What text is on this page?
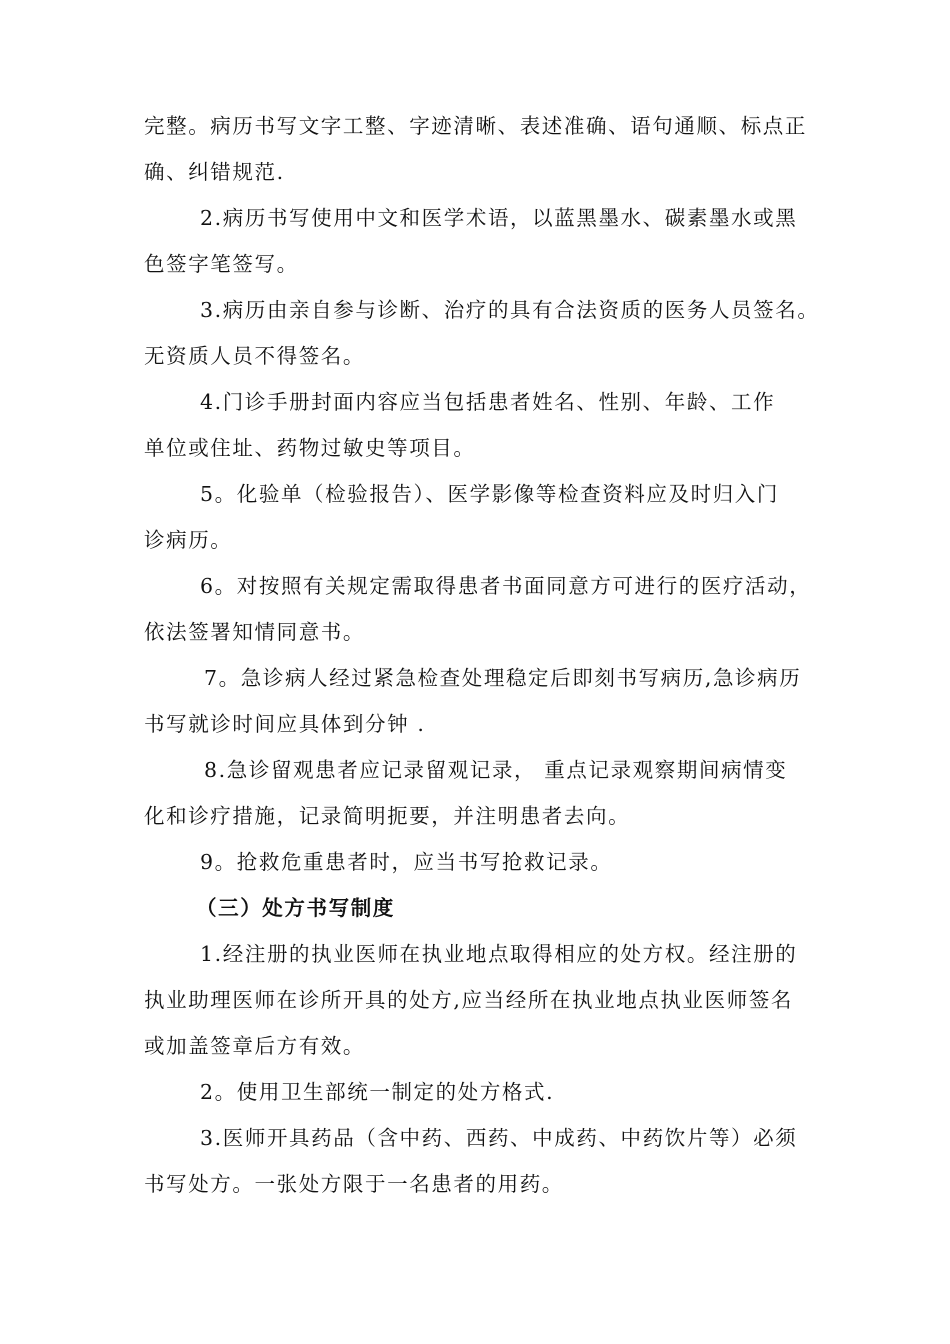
完整。病历书写文字工整、字迹清晰、表述准确、语句通顺、标点正
确、纠错规范.
2.病历书写使用中文和医学术语，以蓝黑墨水、碳素墨水或黑
色签字笔签写。
3.病历由亲自参与诊断、治疗的具有合法资质的医务人员签名。
无资质人员不得签名。
4.门诊手册封面内容应当包括患者姓名、性别、年龄、工作
单位或住址、药物过敏史等项目。
5。化验单（检验报告）、医学影像等检查资料应及时归入门
诊病历。
6。对按照有关规定需取得患者书面同意方可进行的医疗活动，
依法签署知情同意书。
7。急诊病人经过紧急检查处理稳定后即刻书写病历,急诊病历
书写就诊时间应具体到分钟 .
8.急诊留观患者应记录留观记录， 重点记录观察期间病情变
化和诊疗措施，记录简明扼要，并注明患者去向。
9。抢救危重患者时，应当书写抢救记录。
（三）处方书写制度
1.经注册的执业医师在执业地点取得相应的处方权。经注册的
执业助理医师在诊所开具的处方,应当经所在执业地点执业医师签名
或加盖签章后方有效。
2。使用卫生部统一制定的处方格式.
3.医师开具药品（含中药、西药、中成药、中药饮片等）必须
书写处方。一张处方限于一名患者的用药。
